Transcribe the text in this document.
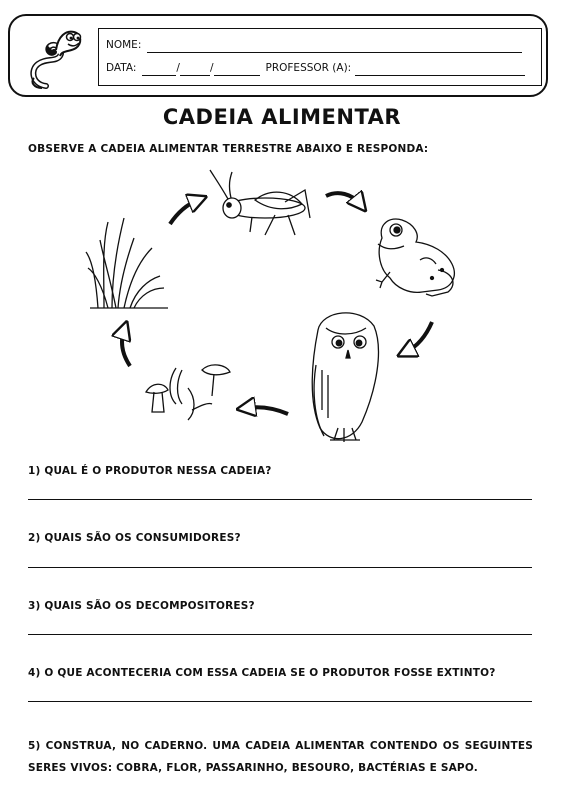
NOME:
DATA:	/	/	PROFESSOR (A):
CADEIA ALIMENTAR
OBSERVE A CADEIA ALIMENTAR TERRESTRE ABAIXO E RESPONDA:
1) QUAL É O PRODUTOR NESSA CADEIA?
2) QUAIS SÃO OS CONSUMIDORES?
3) QUAIS SÃO OS DECOMPOSITORES?
4) O QUE ACONTECERIA COM ESSA CADEIA SE O PRODUTOR FOSSE EXTINTO?
5) CONSTRUA, NO CADERNO. UMA CADEIA ALIMENTAR CONTENDO OS SEGUINTES SERES VIVOS: COBRA, FLOR, PASSARINHO, BESOURO, BACTÉRIAS E SAPO.
